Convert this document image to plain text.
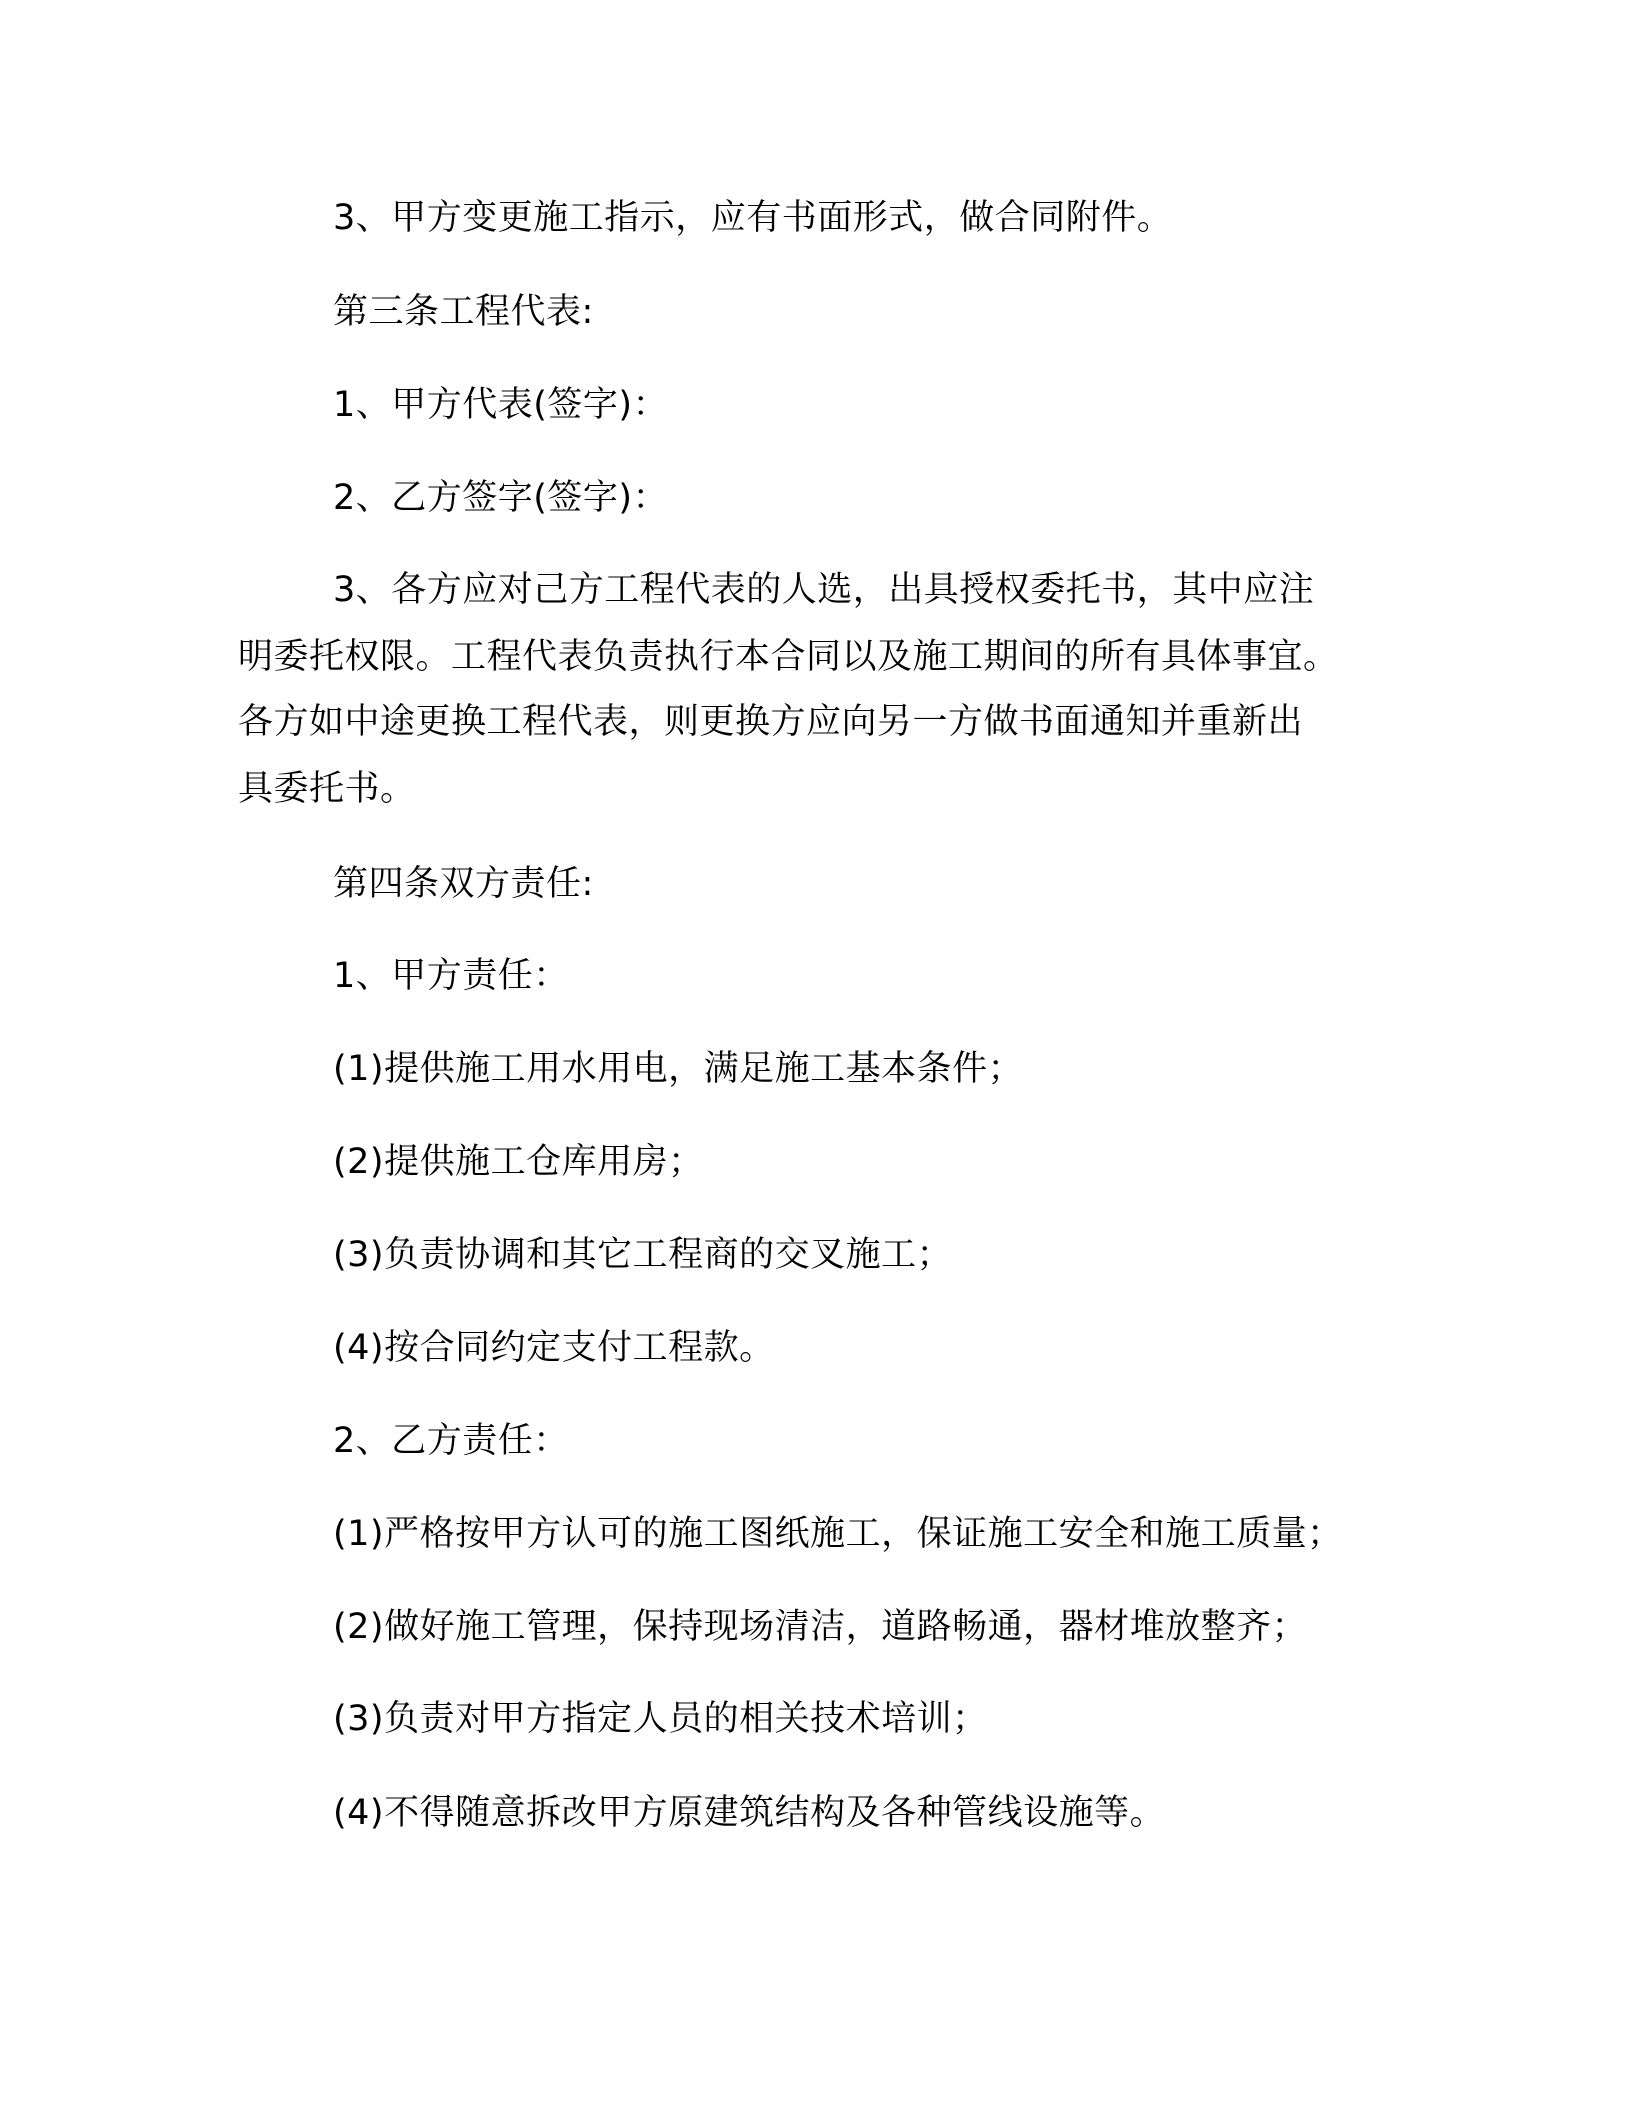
3、甲方变更施工指示，应有书面形式，做合同附件。
第三条工程代表:
1、甲方代表(签字)：
2、乙方签字(签字)：
3、各方应对己方工程代表的人选，出具授权委托书，其中应注
明委托权限。工程代表负责执行本合同以及施工期间的所有具体事宜。
各方如中途更换工程代表，则更换方应向另一方做书面通知并重新出
具委托书。
第四条双方责任:
1、甲方责任：
(1)提供施工用水用电，满足施工基本条件；
(2)提供施工仓库用房；
(3)负责协调和其它工程商的交叉施工；
(4)按合同约定支付工程款。
2、乙方责任：
(1)严格按甲方认可的施工图纸施工，保证施工安全和施工质量；
(2)做好施工管理，保持现场清洁，道路畅通，器材堆放整齐；
(3)负责对甲方指定人员的相关技术培训；
(4)不得随意拆改甲方原建筑结构及各种管线设施等。
